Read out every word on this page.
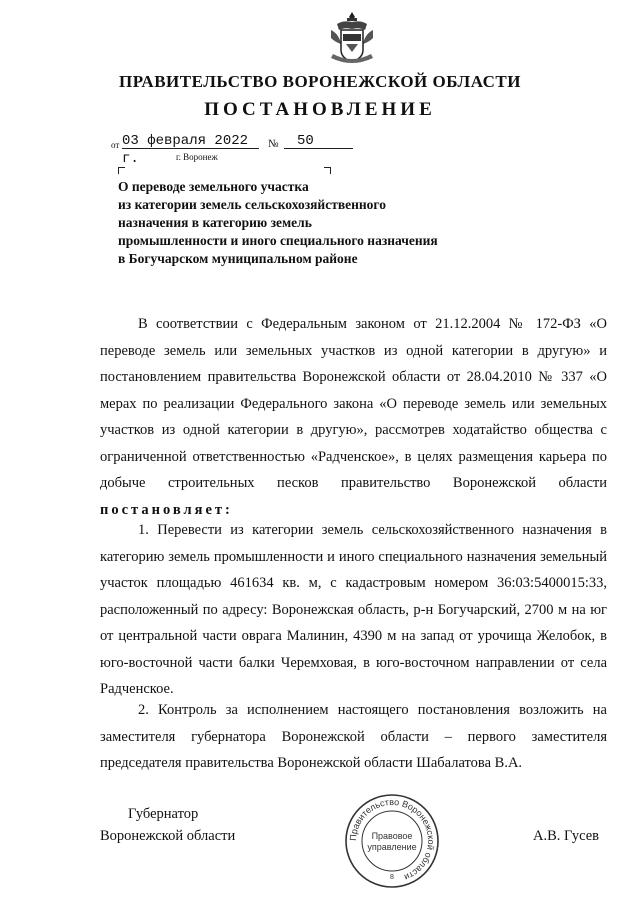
ПРАВИТЕЛЬСТВО ВОРОНЕЖСКОЙ ОБЛАСТИ
ПОСТАНОВЛЕНИЕ
от 03 февраля 2022 г.
№	50
г. Воронеж
О переводе земельного участка
из категории земель сельскохозяйственного
назначения в категорию земель
промышленности и иного специального назначения
в Богучарском муниципальном районе
В соответствии с Федеральным законом от 21.12.2004 № 172-ФЗ «О переводе земель или земельных участков из одной категории в другую» и постановлением правительства Воронежской области от 28.04.2010 № 337 «О мерах по реализации Федерального закона «О переводе земель или земельных участков из одной категории в другую», рассмотрев ходатайство общества с ограниченной ответственностью «Радченское», в целях размещения карьера по добыче строительных песков правительство Воронежской области постановляет:
1. Перевести из категории земель сельскохозяйственного назначения в категорию земель промышленности и иного специального назначения земельный участок площадью 461634 кв. м, с кадастровым номером 36:03:5400015:33, расположенный по адресу: Воронежская область, р-н Богучарский, 2700 м на юг от центральной части оврага Малинин, 4390 м на запад от урочища Желобок, в юго-восточной части балки Черемховая, в юго-восточном направлении от села Радченское.
2. Контроль за исполнением настоящего постановления возложить на заместителя губернатора Воронежской области – первого заместителя председателя правительства Воронежской области Шабалатова В.А.
Губернатор
Воронежской области	А.В. Гусев
Правительство Воронежской области
Правовое
управление
8
